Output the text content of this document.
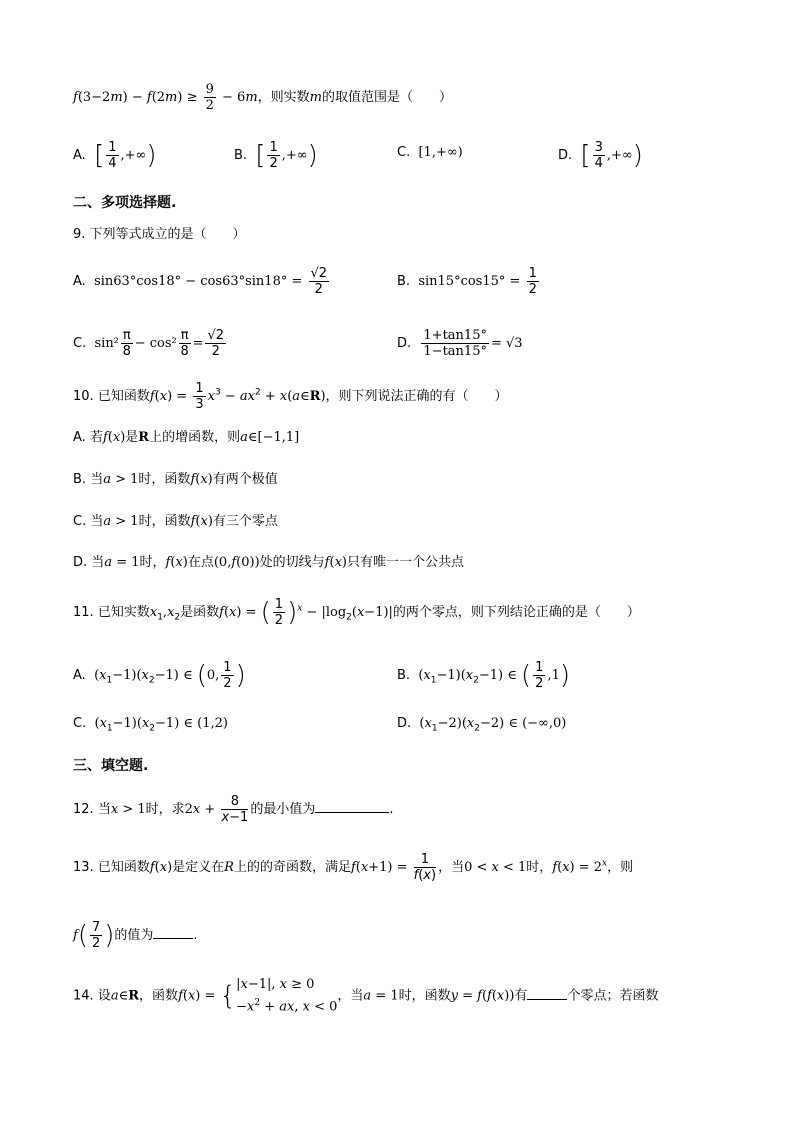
$f(3-2m) - f(2m) \ge \frac{9}{2} - 6m$，则实数m的取值范围是（　　）
A. [ $\frac{1}{4}$ ,+∞)	B. [ $\frac{1}{2}$ ,+∞)	C. [1,+∞)	D. [ $\frac{3}{4}$ ,+∞)
二、多项选择题.
9. 下列等式成立的是（　　）
A. $\sin 63^\circ\cos 18^\circ - \cos 63^\circ\sin 18^\circ = \frac{√2}{2}$	B. $\sin 15^\circ\cos 15^\circ = \frac{1}{2}$
C. $\sin^2 \frac{\pi}{8} - \cos^2 \frac{\pi}{8} = \frac{√2}{2}$	D. $\frac{1+\tan 15^\circ}{1-\tan 15^\circ} = √3$
10. 已知函数$f(x) = \frac{1}{3} x^3 - ax^2$ + x(a∈R)，则下列说法正确的有（　　）
A. 若f(x)是R上的增函数，则a∈[−1,1]
B. 当a > 1时，函数f(x)有两个极值
C. 当a > 1时，函数f(x)有三个零点
D. 当a = 1时，f(x)在点(0,f(0))处的切线与f(x)只有唯一一个公共点
11. 已知实数$x_1,x_2$是函数f(x) = ( $\frac{1}{2} )^x - |\log_2(x-1)|$的两个零点，则下列结论正确的是（　　）
A. $(x_1-1)(x_2-1)$ ∈ (0, $\frac{1}{2}$ )	B. $(x_1-1)(x_2-1)$ ∈ ( $\frac{1}{2} ,1$)
C. $(x_1-1)(x_2-1)$ ∈ (1,2)	D. $(x_1-2)(x_2-2)$ ∈ (−∞,0)
三、填空题.
12. 当x > 1时，求$2x + \frac{8}{x-1}$ 的最小值为	.
13. 已知函数f(x)是定义在R上的的奇函数，满足$f(x+1) = \frac{1}{f(x)}$ ，当0 < x < 1时，$f(x) = 2^x$，则
$f( \frac{7}{2}$ )的值为	.
14. 设a∈R，函数f(x) = { |x−1|, x ≥ 0
$-x^2$ + ax, x < 0
，当a = 1时，函数y = f(f(x))有	个零点；若函数
